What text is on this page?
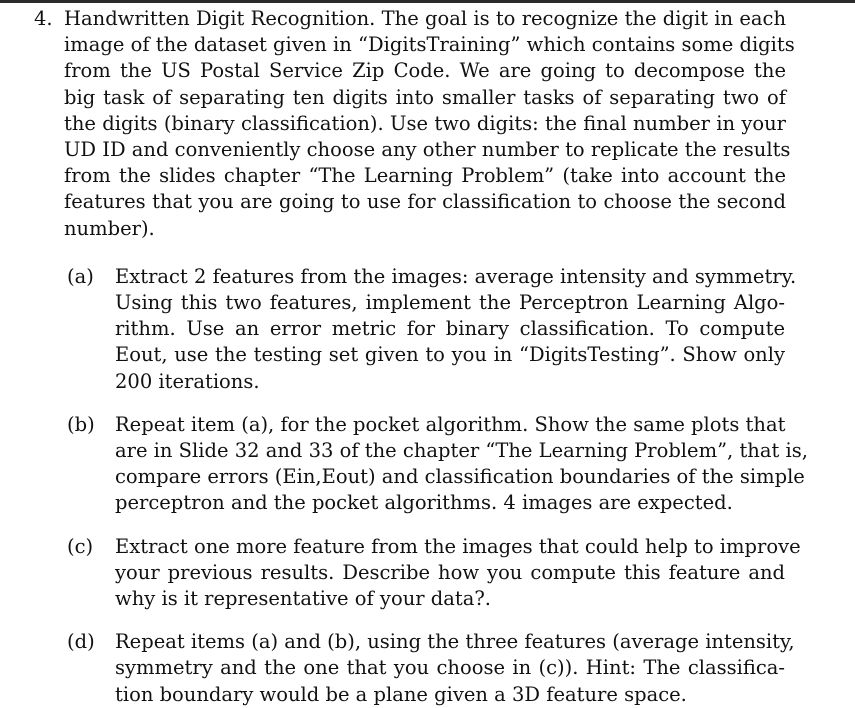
4. Handwritten Digit Recognition. The goal is to recognize the digit in each
image of the dataset given in “DigitsTraining” which contains some digits
from the US Postal Service Zip Code. We are going to decompose the
big task of separating ten digits into smaller tasks of separating two of
the digits (binary classification). Use two digits: the final number in your
UD ID and conveniently choose any other number to replicate the results
from the slides chapter “The Learning Problem” (take into account the
features that you are going to use for classification to choose the second
number).
(a)	Extract 2 features from the images: average intensity and symmetry.
Using this two features, implement the Perceptron Learning Algo-
rithm. Use an error metric for binary classification. To compute
Eout, use the testing set given to you in “DigitsTesting”. Show only
200 iterations.
(b)	Repeat item (a), for the pocket algorithm. Show the same plots that
are in Slide 32 and 33 of the chapter “The Learning Problem”, that is,
compare errors (Ein,Eout) and classification boundaries of the simple
perceptron and the pocket algorithms. 4 images are expected.
(c)	Extract one more feature from the images that could help to improve
your previous results. Describe how you compute this feature and
why is it representative of your data?.
(d)	Repeat items (a) and (b), using the three features (average intensity,
symmetry and the one that you choose in (c)). Hint: The classifica-
tion boundary would be a plane given a 3D feature space.
